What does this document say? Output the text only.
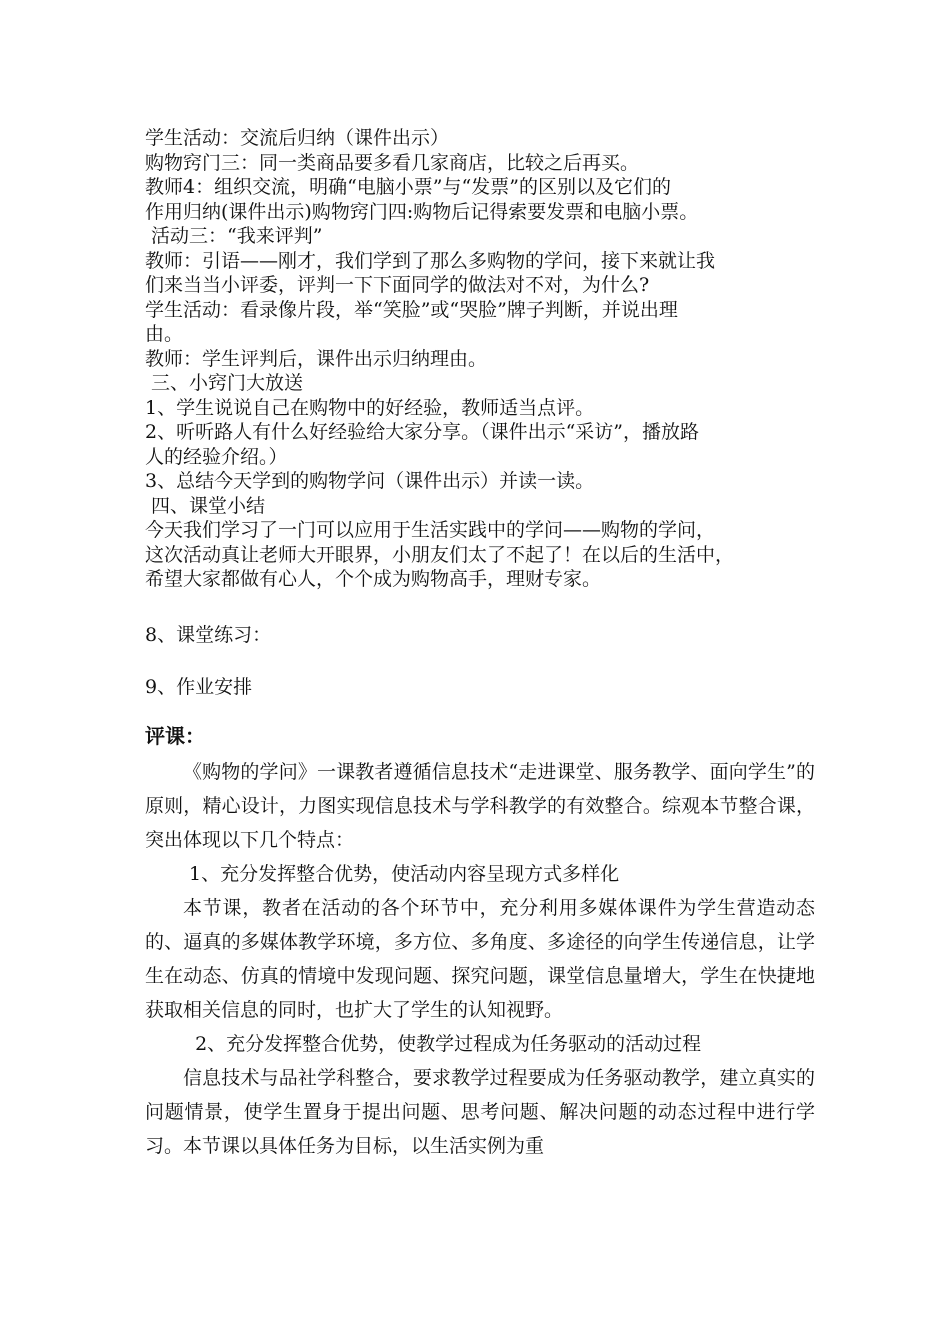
学生活动：交流后归纳（课件出示）

购物窍门三：同一类商品要多看几家商店，比较之后再买。

教师4：组织交流，明确“电脑小票”与“发票”的区别以及它们的

作用归纳(课件出示)购物窍门四:购物后记得索要发票和电脑小票。

活动三：“我来评判”

教师：引语——刚才，我们学到了那么多购物的学问，接下来就让我

们来当当小评委，评判一下下面同学的做法对不对，为什么?

学生活动：看录像片段，举“笑脸”或“哭脸”牌子判断，并说出理

由。

教师：学生评判后，课件出示归纳理由。

三、小窍门大放送

1、学生说说自己在购物中的好经验，教师适当点评。

2、听听路人有什么好经验给大家分享。（课件出示“采访”，播放路

人的经验介绍。）

3、总结今天学到的购物学问（课件出示）并读一读。

四、课堂小结

今天我们学习了一门可以应用于生活实践中的学问——购物的学问，

这次活动真让老师大开眼界，小朋友们太了不起了！在以后的生活中，

希望大家都做有心人，个个成为购物高手，理财专家。

8、课堂练习：

9、作业安排

评课：

《购物的学问》一课教者遵循信息技术“走进课堂、服务教学、面向学生”的原则，精心设计，力图实现信息技术与学科教学的有效整合。综观本节整合课，突出体现以下几个特点：

1、充分发挥整合优势，使活动内容呈现方式多样化

本节课，教者在活动的各个环节中，充分利用多媒体课件为学生营造动态的、逼真的多媒体教学环境，多方位、多角度、多途径的向学生传递信息，让学生在动态、仿真的情境中发现问题、探究问题，课堂信息量增大，学生在快捷地获取相关信息的同时，也扩大了学生的认知视野。

2、充分发挥整合优势，使教学过程成为任务驱动的活动过程

信息技术与品社学科整合，要求教学过程要成为任务驱动教学，建立真实的问题情景，使学生置身于提出问题、思考问题、解决问题的动态过程中进行学习。本节课以具体任务为目标，以生活实例为重
